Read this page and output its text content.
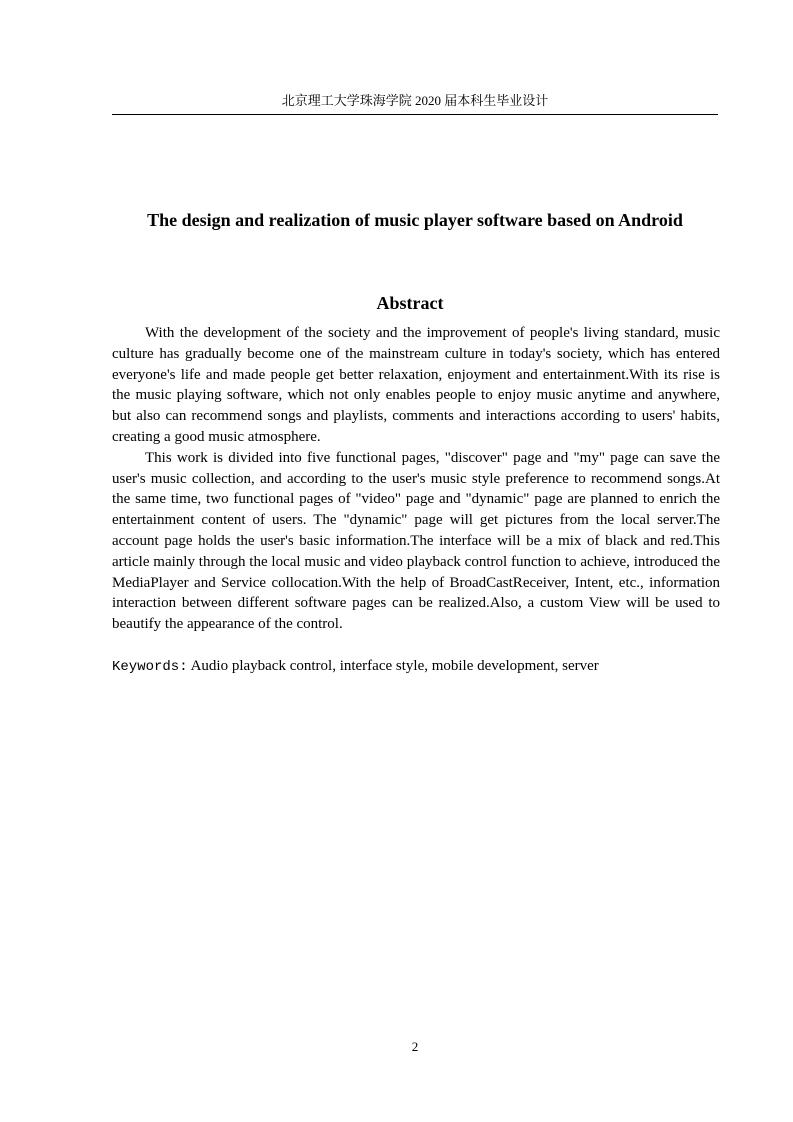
北京理工大学珠海学院 2020 届本科生毕业设计
The design and realization of music player software based on Android
Abstract

With the development of the society and the improvement of people's living standard, music culture has gradually become one of the mainstream culture in today's society, which has entered everyone's life and made people get better relaxation, enjoyment and entertainment.With its rise is the music playing software, which not only enables people to enjoy music anytime and anywhere, but also can recommend songs and playlists, comments and interactions according to users' habits, creating a good music atmosphere.

This work is divided into five functional pages, "discover" page and "my" page can save the user's music collection, and according to the user's music style preference to recommend songs.At the same time, two functional pages of "video" page and "dynamic" page are planned to enrich the entertainment content of users. The "dynamic" page will get pictures from the local server.The account page holds the user's basic information.The interface will be a mix of black and red.This article mainly through the local music and video playback control function to achieve, introduced the MediaPlayer and Service collocation.With the help of BroadCastReceiver, Intent, etc., information interaction between different software pages can be realized.Also, a custom View will be used to beautify the appearance of the control.

Keywords: Audio playback control, interface style, mobile development, server
2
